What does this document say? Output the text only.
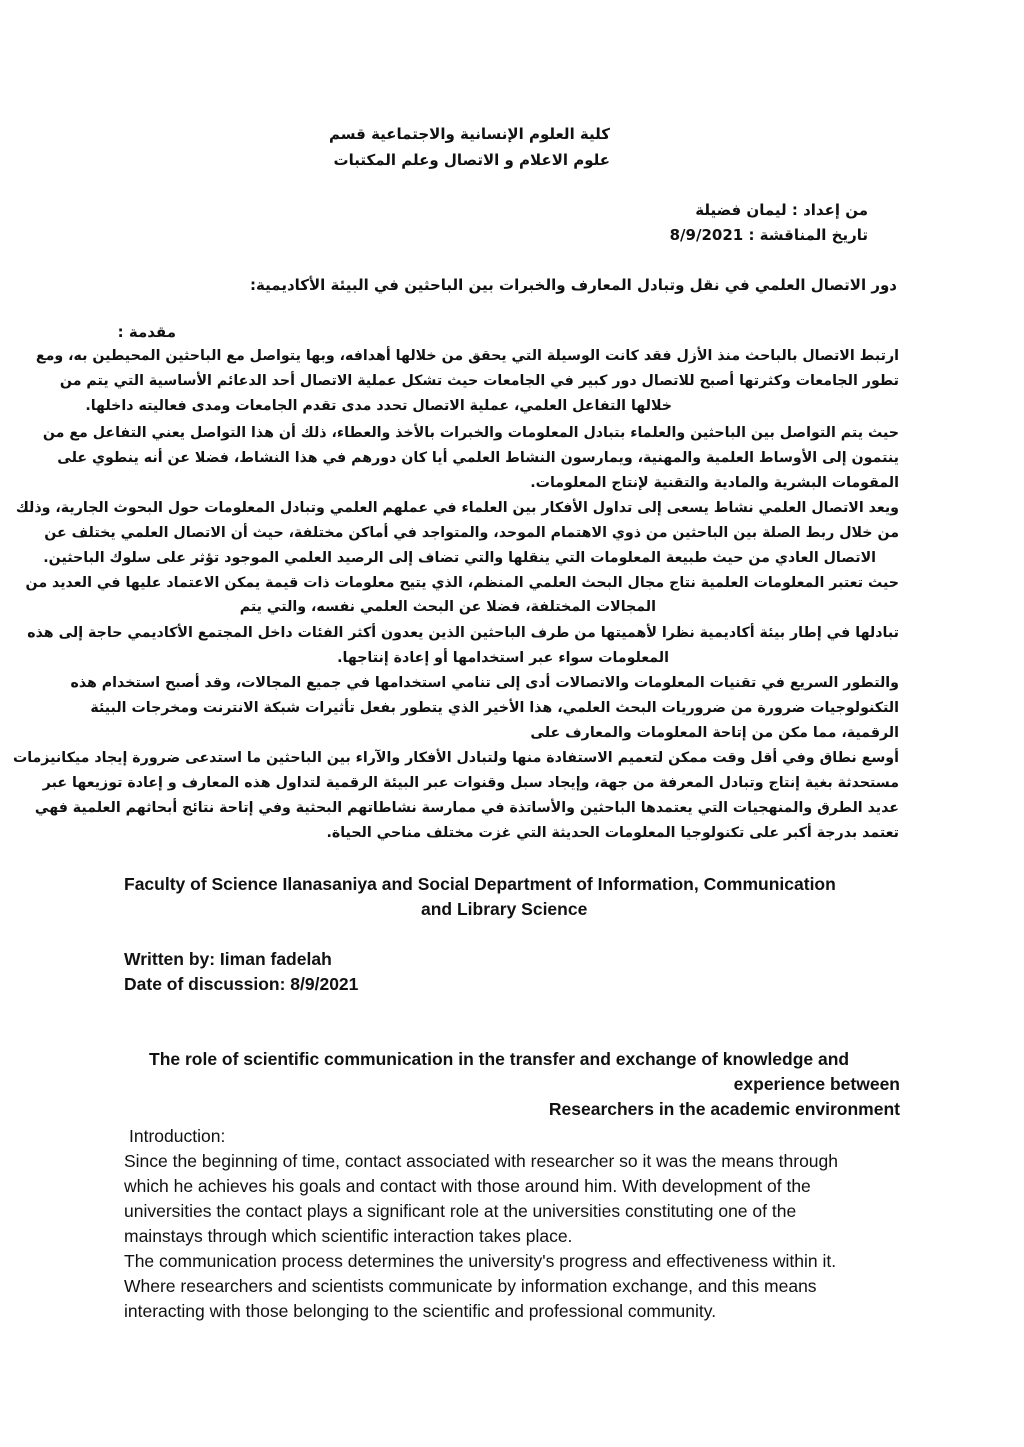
كلية العلوم الإنسانية والاجتماعية قسم
علوم الاعلام و الاتصال وعلم المكتبات
من إعداد : ليمان فضيلة
تاريخ المناقشة : 8/9/2021
دور الاتصال العلمي في نقل وتبادل المعارف والخبرات بين الباحثين في البيئة الأكاديمية:
مقدمة :
ارتبط الاتصال بالباحث منذ الأزل فقد كانت الوسيلة التي يحقق من خلالها أهدافه، وبها يتواصل مع الباحثين المحيطين به، ومع
تطور الجامعات وكثرتها أصبح للاتصال دور كبير في الجامعات حيث تشكل عملية الاتصال أحد الدعائم الأساسية التي يتم من
خلالها التفاعل العلمي، عملية الاتصال تحدد مدى تقدم الجامعات ومدى فعاليته داخلها.
حيث يتم التواصل بين الباحثين والعلماء بتبادل المعلومات والخبرات بالأخذ والعطاء، ذلك أن هذا التواصل يعني التفاعل مع من
ينتمون إلى الأوساط العلمية والمهنية، ويمارسون النشاط العلمي أيا كان دورهم في هذا النشاط، فضلا عن أنه ينطوي على
المقومات البشرية والمادية والتقنية لإنتاج المعلومات.
ويعد الاتصال العلمي نشاط يسعى إلى تداول الأفكار بين العلماء في عملهم العلمي وتبادل المعلومات حول البحوث الجارية، وذلك
من خلال ربط الصلة بين الباحثين من ذوي الاهتمام الموحد، والمتواجد في أماكن مختلفة، حيث أن الاتصال العلمي يختلف عن
الاتصال العادي من حيث طبيعة المعلومات التي ينقلها والتي تضاف إلى الرصيد العلمي الموجود تؤثر على سلوك الباحثين.
حيث تعتبر المعلومات العلمية نتاج مجال البحث العلمي المنظم، الذي يتيح معلومات ذات قيمة يمكن الاعتماد عليها في العديد من
المجالات المختلفة، فضلا عن البحث العلمي نفسه، والتي يتم
تبادلها في إطار بيئة أكاديمية نظرا لأهميتها من طرف الباحثين الذين يعدون أكثر الفئات داخل المجتمع الأكاديمي حاجة إلى هذه
المعلومات سواء عبر استخدامها أو إعادة إنتاجها.
والتطور السريع في تقنيات المعلومات والاتصالات أدى إلى تنامي استخدامها في جميع المجالات، وقد أصبح استخدام هذه
التكنولوجيات ضرورة من ضروريات البحث العلمي، هذا الأخير الذي يتطور بفعل تأثيرات شبكة الانترنت ومخرجات البيئة
الرقمية، مما مكن من إتاحة المعلومات والمعارف على
أوسع نطاق وفي أقل وقت ممكن لتعميم الاستفادة منها ولتبادل الأفكار والآراء بين الباحثين ما استدعى ضرورة إيجاد ميكانيزمات
مستحدثة بغية إنتاج وتبادل المعرفة من جهة، وإيجاد سبل وقنوات عبر البيئة الرقمية لتداول هذه المعارف و إعادة توزيعها عبر
عديد الطرق والمنهجيات التي يعتمدها الباحثين والأساتذة في ممارسة نشاطاتهم البحثية وفي إتاحة نتائج أبحاثهم العلمية فهي
تعتمد بدرجة أكبر على تكنولوجيا المعلومات الحديثة التي غزت مختلف مناحي الحياة.
Faculty of Science Ilanasaniya and Social Department of Information, Communication
and Library Science
Written by: Iiman fadelah
Date of discussion: 8/9/2021
The role of scientific communication in the transfer and exchange of knowledge and
experience between
Researchers in the academic environment
Introduction:
Since the beginning of time, contact associated with researcher so it was the means through
which he achieves his goals and contact with those around him. With development of the
universities the contact plays a significant role at the universities constituting one of the
mainstays through which scientific interaction takes place.
The communication process determines the university's progress and effectiveness within it.
Where researchers and scientists communicate by information exchange, and this means
interacting with those belonging to the scientific and professional community.
